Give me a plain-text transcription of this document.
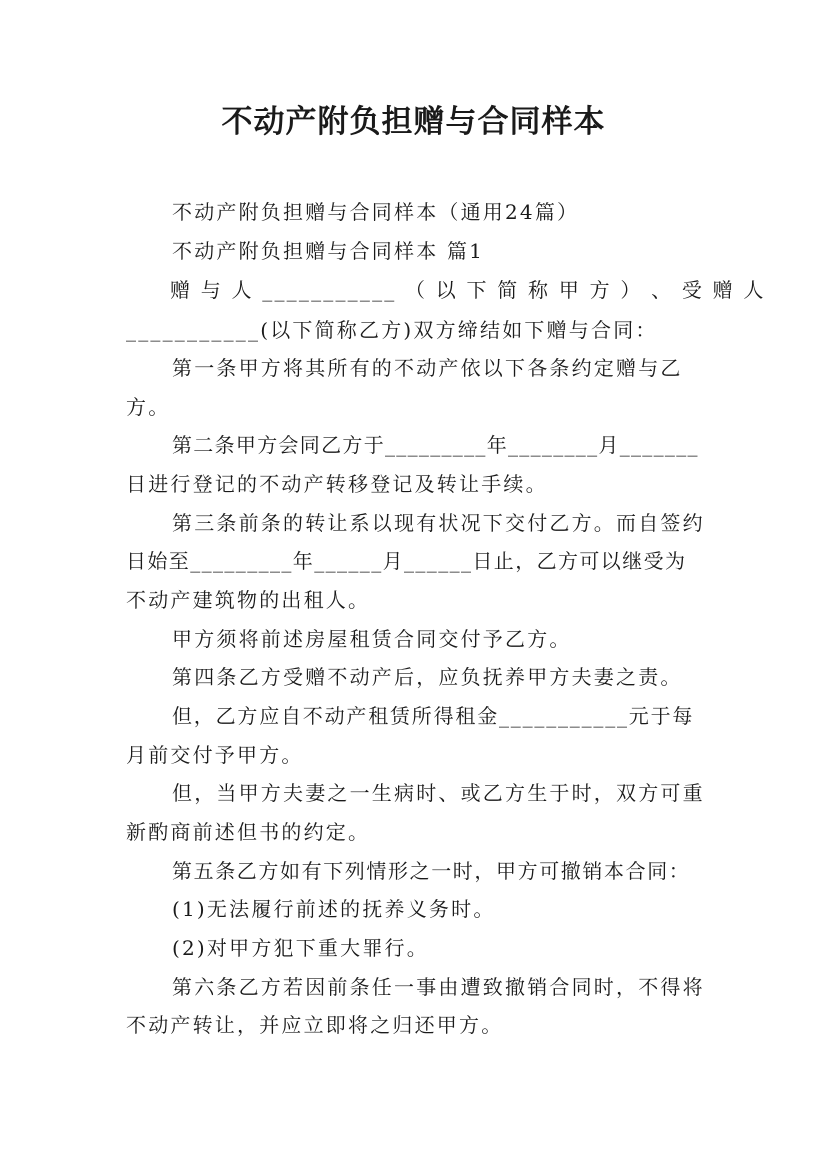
不动产附负担赠与合同样本
不动产附负担赠与合同样本（通用24篇）
不动产附负担赠与合同样本 篇1
赠 与 人 ___________ （ 以 下 简 称 甲 方 ） 、 受 赠 人
___________(以下简称乙方)双方缔结如下赠与合同：
第一条甲方将其所有的不动产依以下各条约定赠与乙
方。
第二条甲方会同乙方于_________年________月_______
日进行登记的不动产转移登记及转让手续。
第三条前条的转让系以现有状况下交付乙方。而自签约
日始至_________年______月______日止，乙方可以继受为
不动产建筑物的出租人。
甲方须将前述房屋租赁合同交付予乙方。
第四条乙方受赠不动产后，应负抚养甲方夫妻之责。
但，乙方应自不动产租赁所得租金___________元于每
月前交付予甲方。
但，当甲方夫妻之一生病时、或乙方生于时，双方可重
新酌商前述但书的约定。
第五条乙方如有下列情形之一时，甲方可撤销本合同：
(1)无法履行前述的抚养义务时。
(2)对甲方犯下重大罪行。
第六条乙方若因前条任一事由遭致撤销合同时，不得将
不动产转让，并应立即将之归还甲方。
